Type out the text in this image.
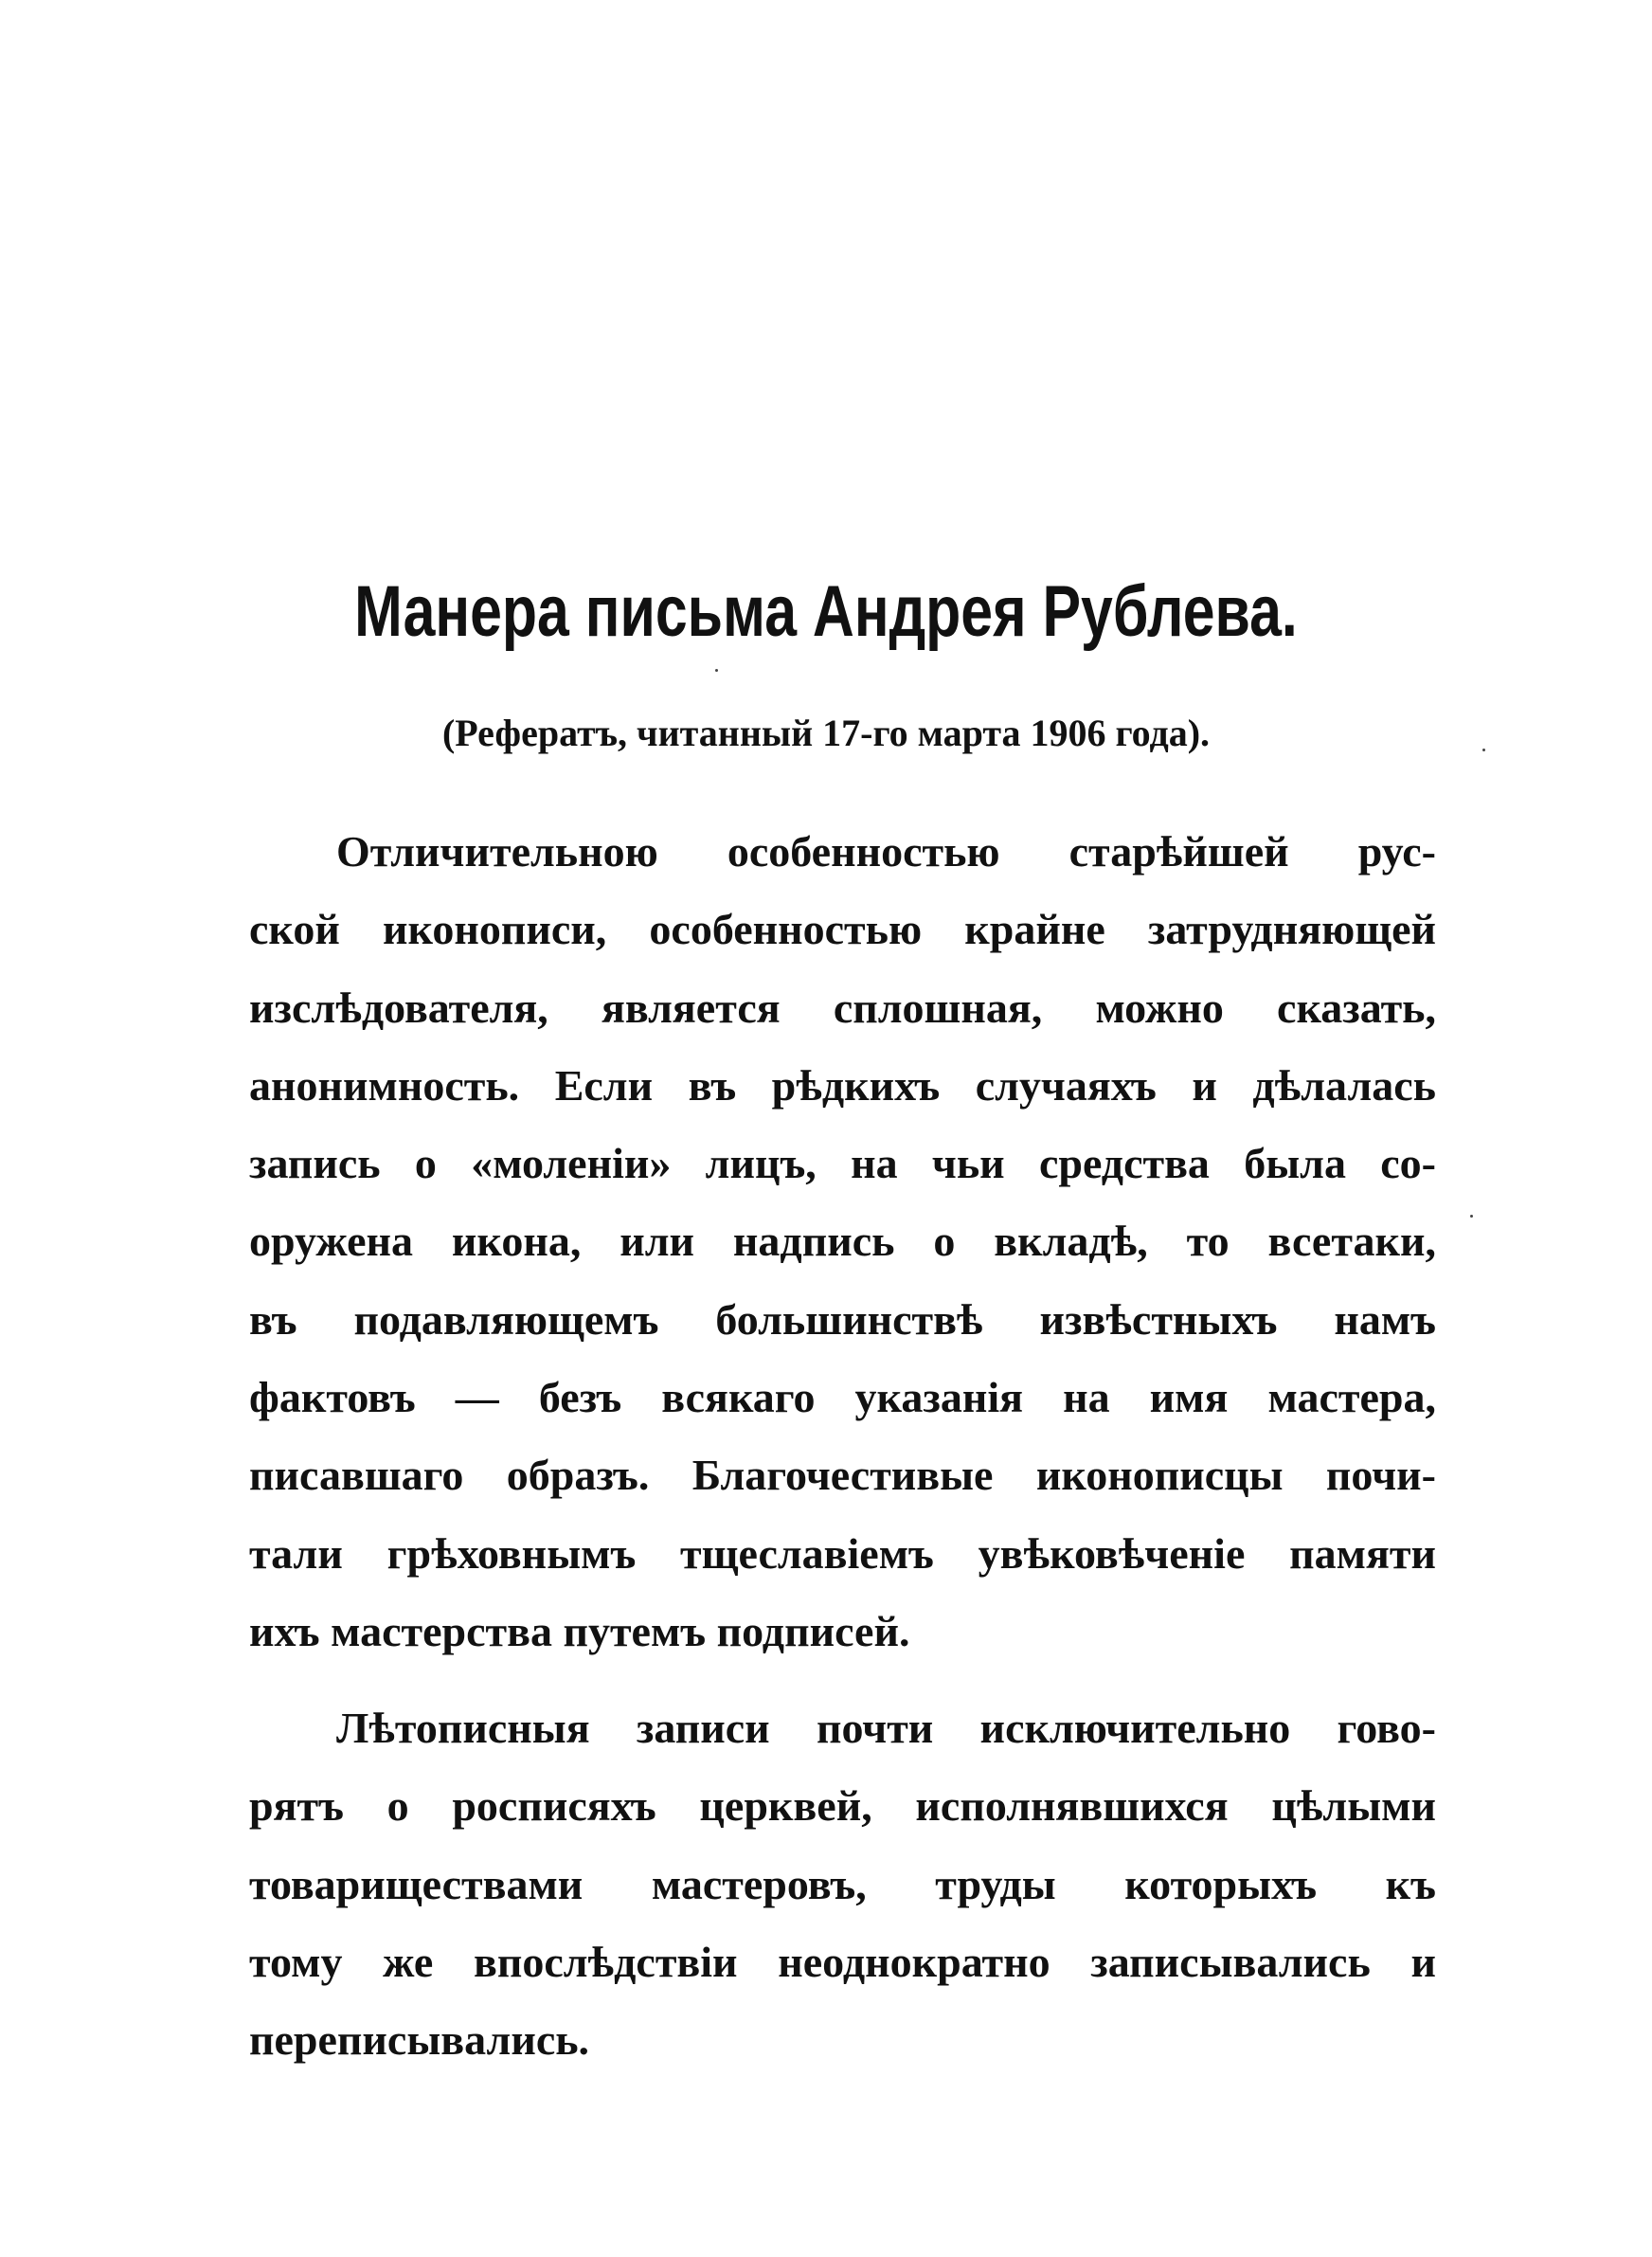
Манера письма Андрея Рублева.

(Рефератъ, читанный 17-го марта 1906 года).

Отличительною особенностью старѣйшей рус-
ской иконописи, особенностью крайне затрудняющей
изслѣдователя, является сплошная, можно сказать,
анонимность. Если въ рѣдкихъ случаяхъ и дѣлалась
запись о «моленіи» лицъ, на чьи средства была со-
оружена икона, или надпись о вкладѣ, то всетаки,
въ подавляющемъ большинствѣ извѣстныхъ намъ
фактовъ — безъ всякаго указанія на имя мастера,
писавшаго образъ. Благочестивые иконописцы почи-
тали грѣховнымъ тщеславіемъ увѣковѣченіе памяти
ихъ мастерства путемъ подписей.
Лѣтописныя записи почти исключительно гово-
рятъ о росписяхъ церквей, исполнявшихся цѣлыми
товариществами мастеровъ, труды которыхъ къ
тому же впослѣдствіи неоднократно записывались и
переписывались.
